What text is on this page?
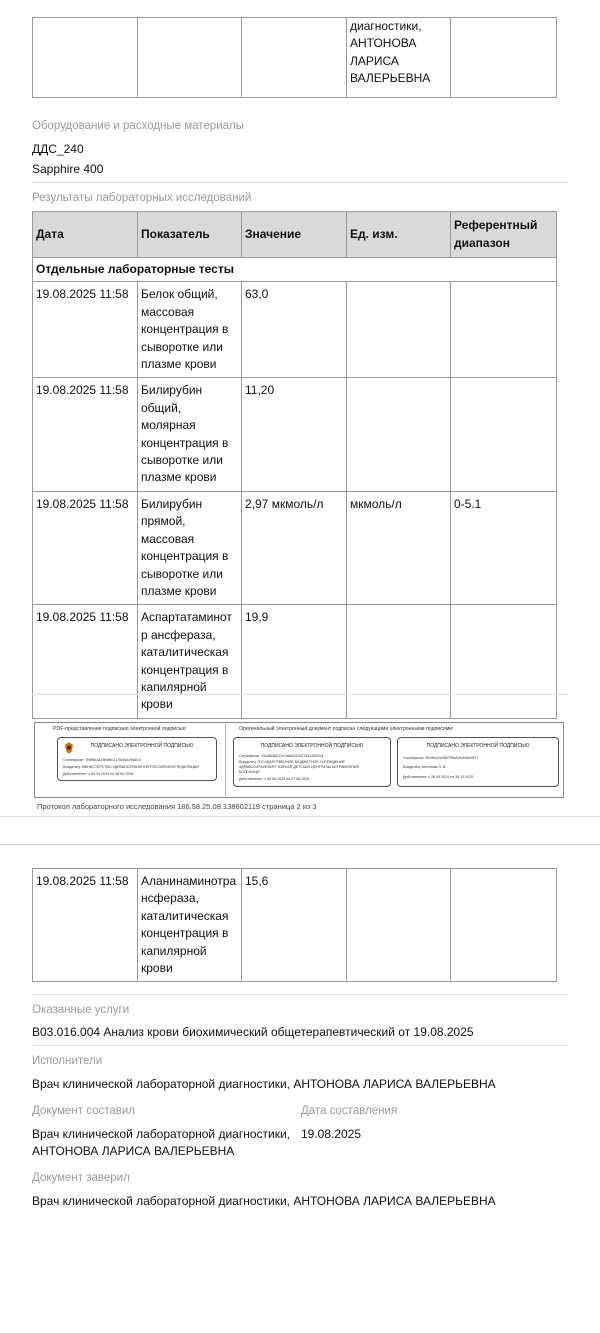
			диагностики, АНТОНОВА ЛАРИСА ВАЛЕРЬЕВНА	
Оборудование и расходные материалы
ДДС_240
Sapphire 400
Результаты лабораторных исследований
Дата	Показатель	Значение	Ед. изм.	Референтный диапазон
Отдельные лабораторные тесты				
19.08.2025 11:58	Белок общий, массовая концентрация в сыворотке или плазме крови	63,0		
19.08.2025 11:58	Билирубин общий, молярная концентрация в сыворотке или плазме крови	11,20		
19.08.2025 11:58	Билирубин прямой, массовая концентрация в сыворотке или плазме крови	2,97 мкмоль/л	мкмоль/л	0-5.1
19.08.2025 11:58	Аспартатаминотр ансфераза, каталитическая концентрация в капилярной крови	19,9		
PDF-представление подписано электронной подписью:
ПОДПИСАНО ЭЛЕКТРОННОЙ ПОДПИСЬЮ
Сертификат: 7b9f6e3a19b06fc3175c0a1e9a01a
Владелец: МИНИСТЕРСТВО ЗДРАВООХРАНЕНИЯ РОССИЙСКОЙ ФЕДЕРАЦИИ
Действителен: с 02.04.2024 по 26.06.2026
Оригинальный электронный документ подписан следующими электронными подписями:
ПОДПИСАНО ЭЛЕКТРОННОЙ ПОДПИСЬЮ
Сертификат: 25c4f046011c7d6d2413d7251c3d2024
Владелец: ГОСУДАРСТВЕННОЕ БЮДЖЕТНОЕ УЧРЕЖДЕНИЕ
ЗДРАВООХРАНЕНИЯ "ЮЖНАЯ ДЕТСКАЯ ЦЕНТРАЛЬНАЯ РАЙОННАЯ
БОЛЬНИЦА"
Действителен: с 05.06.2025 по 27.08.2026
ПОДПИСАНО ЭЛЕКТРОННОЙ ПОДПИСЬЮ
Сертификат: 0bc9fc42a36b7f0fa52fcb0cb2677
Владелец: Антонова Л. В.
Действителен: с 26.09.2024 по 18.12.2025
Протокол лабораторного исследования 186.58.25.08.138602119 страница 2 из 3
19.08.2025 11:58	Аланинаминотра нсфераза, каталитическая концентрация в капилярной крови	15,6		
Оказанные услуги
B03.016.004 Анализ крови биохимический общетерапевтический от 19.08.2025
Исполнители
Врач клинической лабораторной диагностики, АНТОНОВА ЛАРИСА ВАЛЕРЬЕВНА
Документ составил	Дата составления
Врач клинической лабораторной диагностики,
АНТОНОВА ЛАРИСА ВАЛЕРЬЕВНА
19.08.2025
Документ заверил
Врач клинической лабораторной диагностики, АНТОНОВА ЛАРИСА ВАЛЕРЬЕВНА
